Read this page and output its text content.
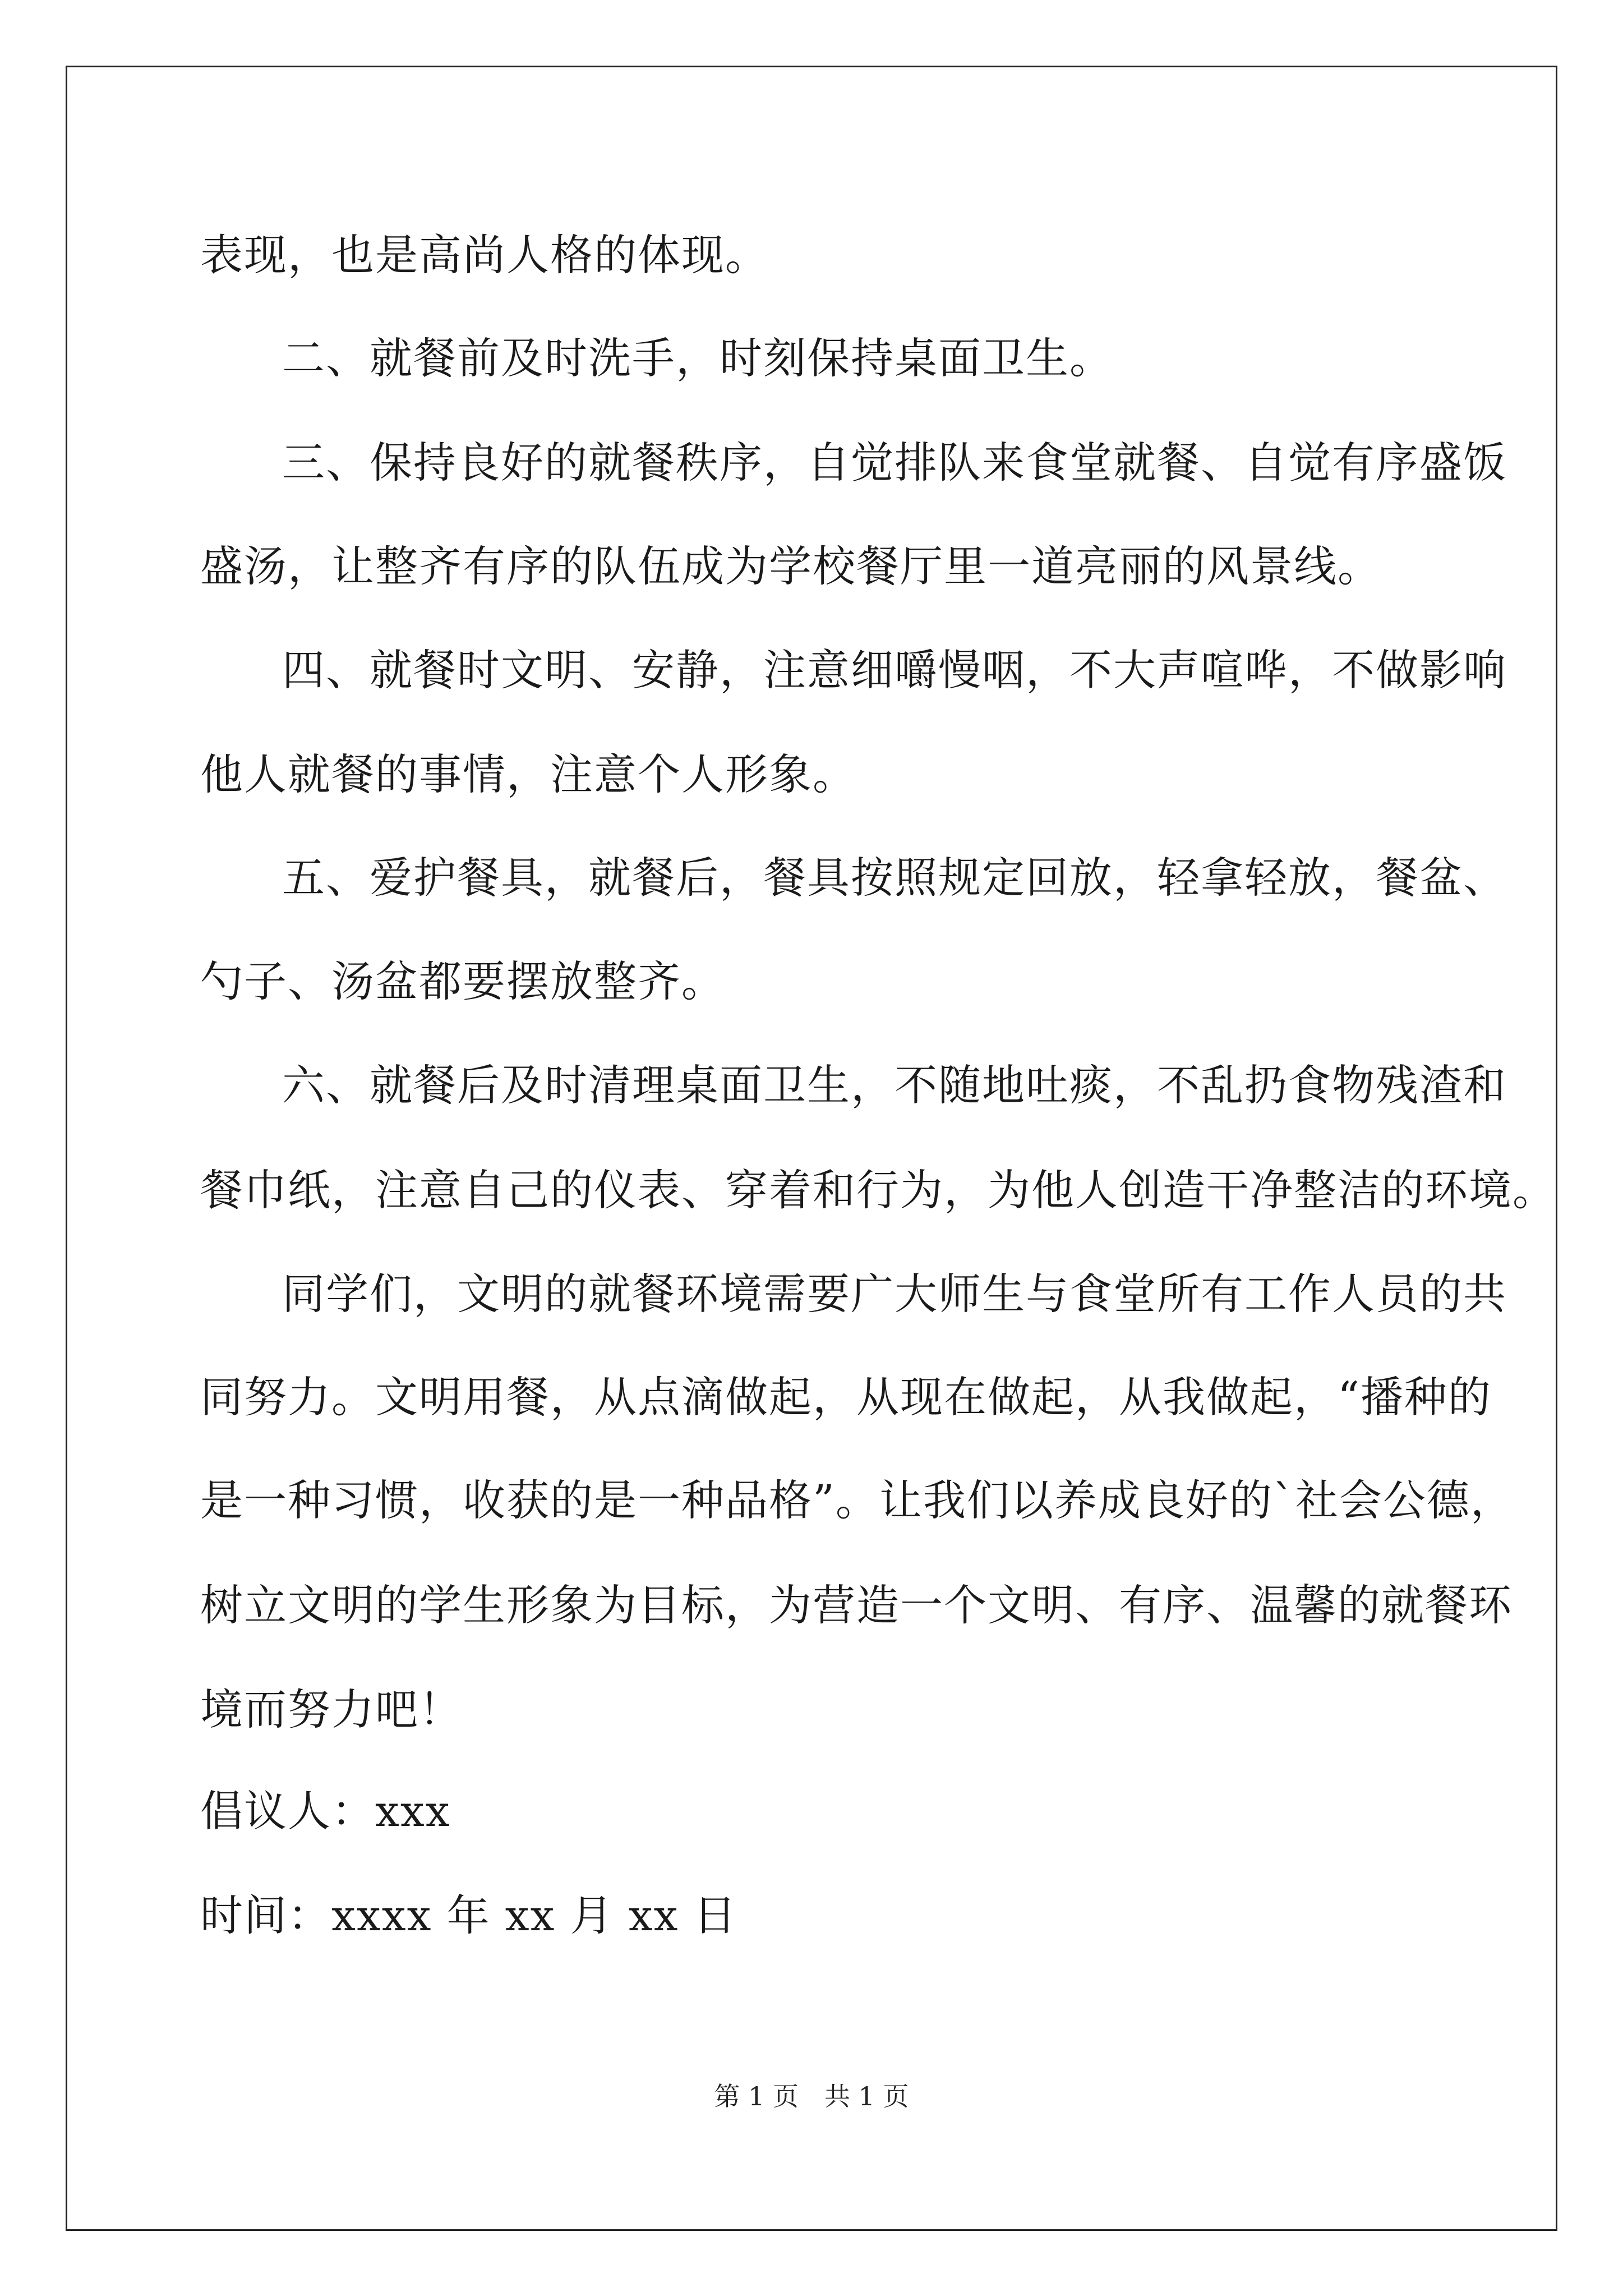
表现，也是高尚人格的体现。
二、就餐前及时洗手，时刻保持桌面卫生。
三、保持良好的就餐秩序，自觉排队来食堂就餐、自觉有序盛饭
盛汤，让整齐有序的队伍成为学校餐厅里一道亮丽的风景线。
四、就餐时文明、安静，注意细嚼慢咽，不大声喧哗，不做影响
他人就餐的事情，注意个人形象。
五、爱护餐具，就餐后，餐具按照规定回放，轻拿轻放，餐盆、
勺子、汤盆都要摆放整齐。
六、就餐后及时清理桌面卫生，不随地吐痰，不乱扔食物残渣和
餐巾纸，注意自己的仪表、穿着和行为，为他人创造干净整洁的环境。
同学们，文明的就餐环境需要广大师生与食堂所有工作人员的共
同努力。文明用餐，从点滴做起，从现在做起，从我做起，“播种的
是一种习惯，收获的是一种品格”。让我们以养成良好的`社会公德，
树立文明的学生形象为目标，为营造一个文明、有序、温馨的就餐环
境而努力吧！
倡议人：xxx
时间：xxxx 年 xx 月 xx 日
第 1 页　共 1 页
